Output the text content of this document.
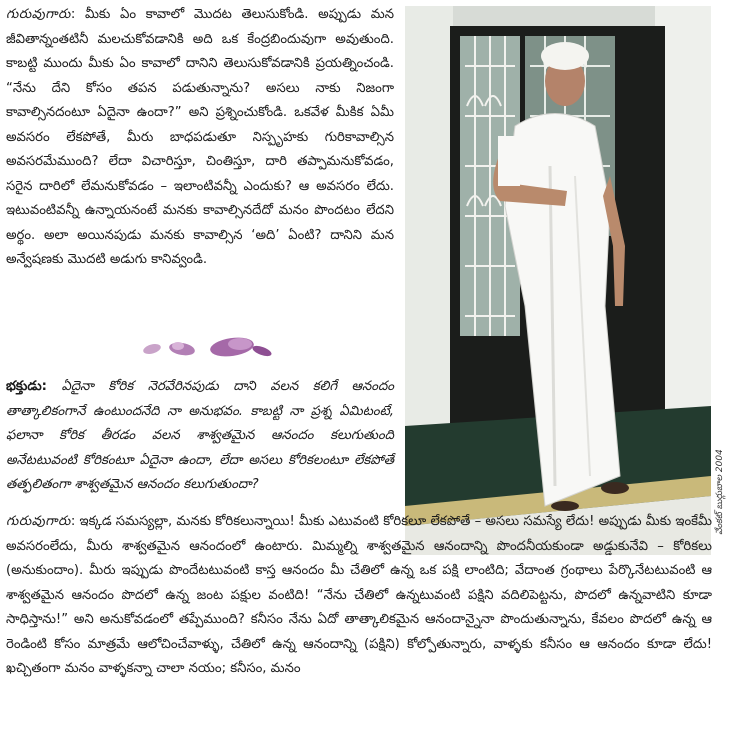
గురువుగారు: మీకు ఏం కావాలో మొదట తెలుసుకోండి. అప్పుడు మన జీవితాన్నంతటినీ మలచుకోవడానికి అది ఒక కేంద్రబిందువుగా అవుతుంది. కాబట్టి ముందు మీకు ఏం కావాలో దానిని తెలుసుకోవడానికి ప్రయత్నించండి. “నేను దేని కోసం తపన పడుతున్నాను? అసలు నాకు నిజంగా కావాల్సినదంటూ ఏదైనా ఉందా?” అని ప్రశ్నించుకోండి. ఒకవేళ మీకిక ఏమీ అవసరం లేకపోతే, మీరు బాధపడుతూ నిస్పృహకు గురికావాల్సిన అవసరమేముంది? లేదా విచారిస్తూ, చింతిస్తూ, దారి తప్పామనుకోవడం, సరైన దారిలో లేమనుకోవడం – ఇలాంటివన్నీ ఎందుకు? ఆ అవసరం లేదు. ఇటువంటివన్నీ ఉన్నాయనంటే మనకు కావాల్సినదేదో మనం పొందటం లేదని అర్థం. అలా అయినపుడు మనకు కావాల్సిన ‘అది’ ఏంటి? దానిని మన అన్వేషణకు మొదటి అడుగు కానివ్వండి.
భక్తుడు: ఏదైనా కోరిక నెరవేరినపుడు దాని వలన కలిగే ఆనందం తాత్కాలికంగానే ఉంటుందనేది నా అనుభవం. కాబట్టి నా ప్రశ్న ఏమిటంటే, ఫలానా కోరిక తీరడం వలన శాశ్వతమైన ఆనందం కలుగుతుంది అనేటటువంటి కోరికంటూ ఏదైనా ఉందా, లేదా అసలు కోరికలంటూ లేకపోతే తత్ఫలితంగా శాశ్వతమైన ఆనందం కలుగుతుందా?	వేంకట్ బుర్గుబాల 2004
గురువుగారు: ఇక్కడ సమస్యల్లా, మనకు కోరికలున్నాయి! మీకు ఎటువంటి కోరికలూ లేకపోతే – అసలు సమస్యే లేదు! అప్పుడు మీకు ఇంకేమీ అవసరంలేదు, మీరు శాశ్వతమైన ఆనందంలో ఉంటారు. మిమ్మల్ని శాశ్వతమైన ఆనందాన్ని పొందనీయకుండా అడ్డుకునేవి – కోరికలు (అనుకుందాం). మీరు ఇప్పుడు పొందేటటువంటి కాస్త ఆనందం మీ చేతిలో ఉన్న ఒక పక్షి లాంటిది; వేదాంత గ్రంథాలు పేర్కొనేటటువంటి ఆ శాశ్వతమైన ఆనందం పొదలో ఉన్న జంట పక్షుల వంటిది! “నేను చేతిలో ఉన్నటువంటి పక్షిని వదిలిపెట్టను, పొదలో ఉన్నవాటిని కూడా సాధిస్తాను!” అని అనుకోవడంలో తప్పేముంది? కనీసం నేను ఏదో తాత్కాలికమైన ఆనందాన్నైనా పొందుతున్నాను, కేవలం పొదలో ఉన్న ఆ రెండింటి కోసం మాత్రమే ఆలోచించేవాళ్ళు, చేతిలో ఉన్న ఆనందాన్ని (పక్షిని) కోల్పోతున్నారు, వాళ్ళకు కనీసం ఆ ఆనందం కూడా లేదు! ఖచ్చితంగా మనం వాళ్ళకన్నా చాలా నయం; కనీసం, మనం
